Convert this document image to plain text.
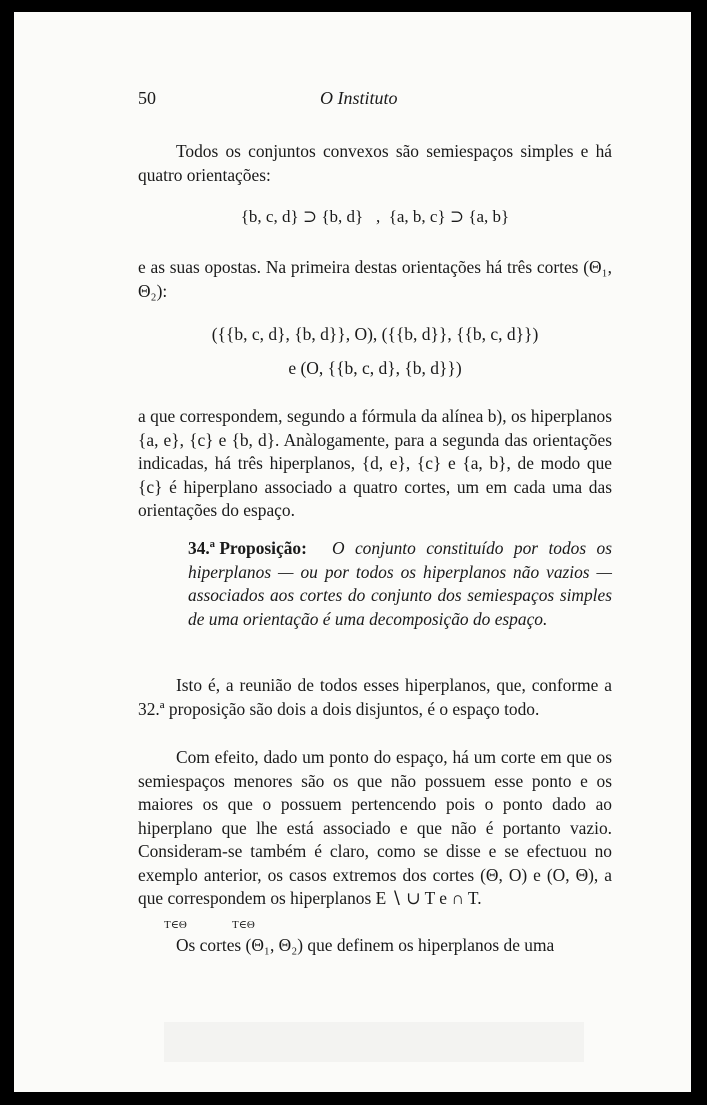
50	O Instituto

Todos os conjuntos convexos são semiespaços simples e há quatro orientações:

{b, c, d} ⊃ {b, d}   ,  {a, b, c} ⊃ {a, b}

e as suas opostas. Na primeira destas orientações há três cortes (Θ₁, Θ₂):

({{b, c, d}, {b, d}}, O), ({{b, d}}, {{b, c, d}})

e (O, {{b, c, d}, {b, d}})

a que correspondem, segundo a fórmula da alínea b), os hiperplanos {a, e}, {c} e {b, d}. Anàlogamente, para a segunda das orientações indicadas, há três hiperplanos, {d, e}, {c} e {a, b}, de modo que {c} é hiperplano associado a quatro cortes, um em cada uma das orientações do espaço.

O conjunto constituído por todos os hiperplanos — ou por todos os hiperplanos não vazios — associados aos cortes do conjunto dos semiespaços simples de uma orientação é uma decomposição do espaço.

34.ª Proposição:

Isto é, a reunião de todos esses hiperplanos, que, conforme a 32.ª proposição são dois a dois disjuntos, é o espaço todo.

Com efeito, dado um ponto do espaço, há um corte em que os semiespaços menores são os que não possuem esse ponto e os maiores os que o possuem pertencendo pois o ponto dado ao hiperplano que lhe está associado e que não é portanto vazio. Consideram-se também é claro, como se disse e se efectuou no exemplo anterior, os casos extremos dos cortes (Θ, O) e (O, Θ), a que correspondem os hiperplanos E ∖ ∪ T e ∩ T.

T∈Θ	T∈Θ

Os cortes (Θ₁, Θ₂) que definem os hiperplanos de uma
